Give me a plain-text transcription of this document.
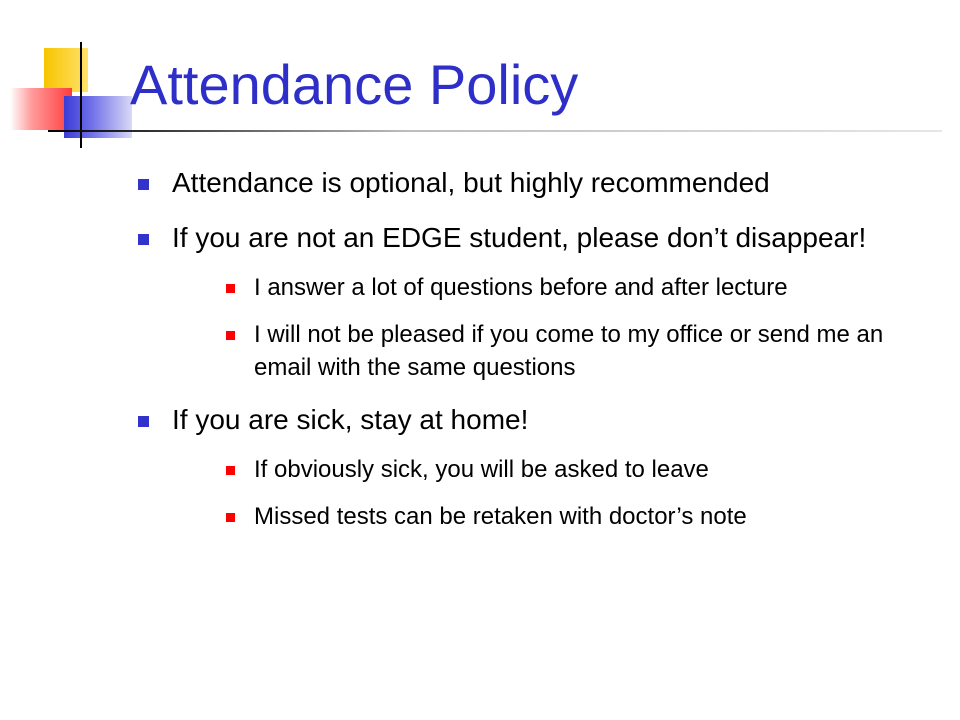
Attendance Policy
Attendance is optional, but highly recommended
If you are not an EDGE student, please don’t disappear!
I answer a lot of questions before and after lecture
I will not be pleased if you come to my office or send me an email with the same questions
If you are sick, stay at home!
If obviously sick, you will be asked to leave
Missed tests can be retaken with doctor’s note
